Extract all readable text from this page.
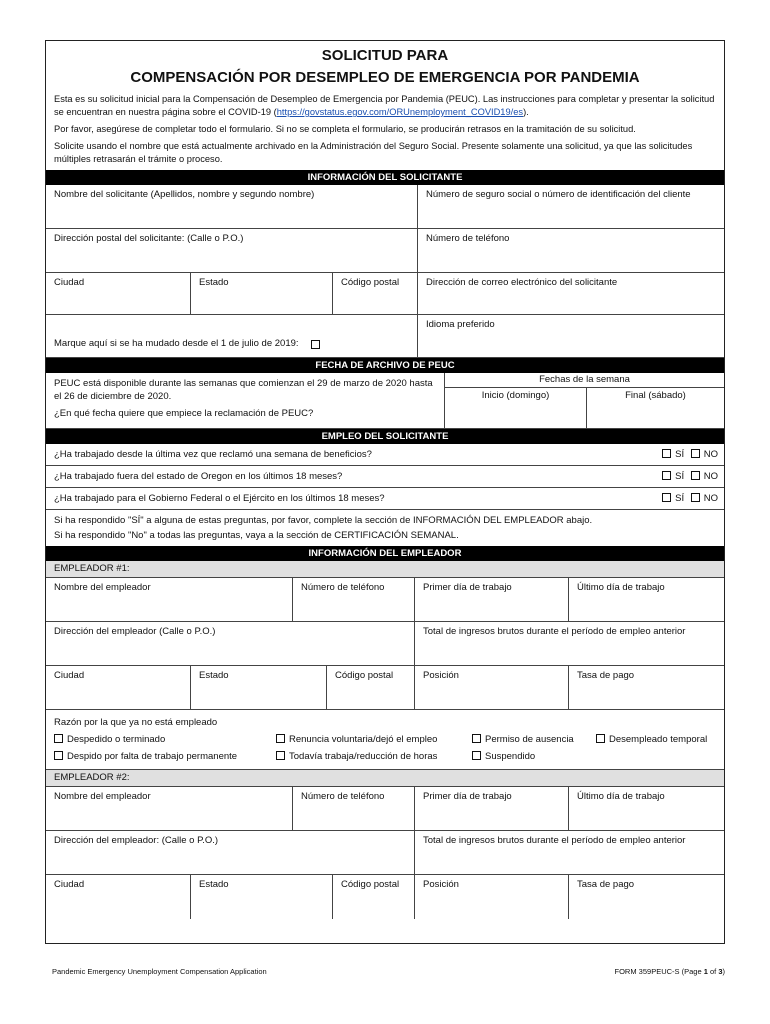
SOLICITUD PARA
COMPENSACIÓN POR DESEMPLEO DE EMERGENCIA POR PANDEMIA

Esta es su solicitud inicial para la Compensación de Desempleo de Emergencia por Pandemia (PEUC). Las instrucciones para completar y presentar la solicitud se encuentran en nuestra página sobre el COVID-19 (https://govstatus.egov.com/ORUnemployment_COVID19/es).

Por favor, asegúrese de completar todo el formulario. Si no se completa el formulario, se producirán retrasos en la tramitación de su solicitud.

Solicite usando el nombre que está actualmente archivado en la Administración del Seguro Social. Presente solamente una solicitud, ya que las solicitudes múltiples retrasarán el trámite o proceso.

INFORMACIÓN DEL SOLICITANTE
Nombre del solicitante (Apellidos, nombre y segundo nombre)	Número de seguro social o número de identificación del cliente
Dirección postal del solicitante: (Calle o P.O.)	Número de teléfono
Ciudad	Estado	Código postal	Dirección de correo electrónico del solicitante
Marque aquí si se ha mudado desde el 1 de julio de 2019:
Idioma preferido
FECHA DE ARCHIVO DE PEUC
PEUC está disponible durante las semanas que comienzan el 29 de marzo de 2020 hasta el 26 de diciembre de 2020.
¿En qué fecha quiere que empiece la reclamación de PEUC?
Fechas de la semana
Inicio (domingo)	Final (sábado)
EMPLEO DEL SOLICITANTE
¿Ha trabajado desde la última vez que reclamó una semana de beneficios?	SÍ NO
¿Ha trabajado fuera del estado de Oregon en los últimos 18 meses?	SÍ NO
¿Ha trabajado para el Gobierno Federal o el Ejército en los últimos 18 meses?	SÍ NO
Si ha respondido "SÍ" a alguna de estas preguntas, por favor, complete la sección de INFORMACIÓN DEL EMPLEADOR abajo.
Si ha respondido "No" a todas las preguntas, vaya a la sección de CERTIFICACIÓN SEMANAL.
INFORMACIÓN DEL EMPLEADOR
EMPLEADOR #1:
Nombre del empleador	Número de teléfono	Primer día de trabajo	Último día de trabajo
Dirección del empleador (Calle o P.O.)	Total de ingresos brutos durante el período de empleo anterior
Ciudad	Estado	Código postal	Posición	Tasa de pago
Razón por la que ya no está empleado
Despedido o terminado	Renuncia voluntaria/dejó el empleo	Permiso de ausencia	Desempleado temporal
Despido por falta de trabajo permanente	Todavía trabaja/reducción de horas	Suspendido
EMPLEADOR #2:
Nombre del empleador	Número de teléfono	Primer día de trabajo	Último día de trabajo
Dirección del empleador: (Calle o P.O.)	Total de ingresos brutos durante el período de empleo anterior
Ciudad	Estado	Código postal	Posición	Tasa de pago
Pandemic Emergency Unemployment Compensation Application	FORM 359PEUC-S (Page 1 of 3)
